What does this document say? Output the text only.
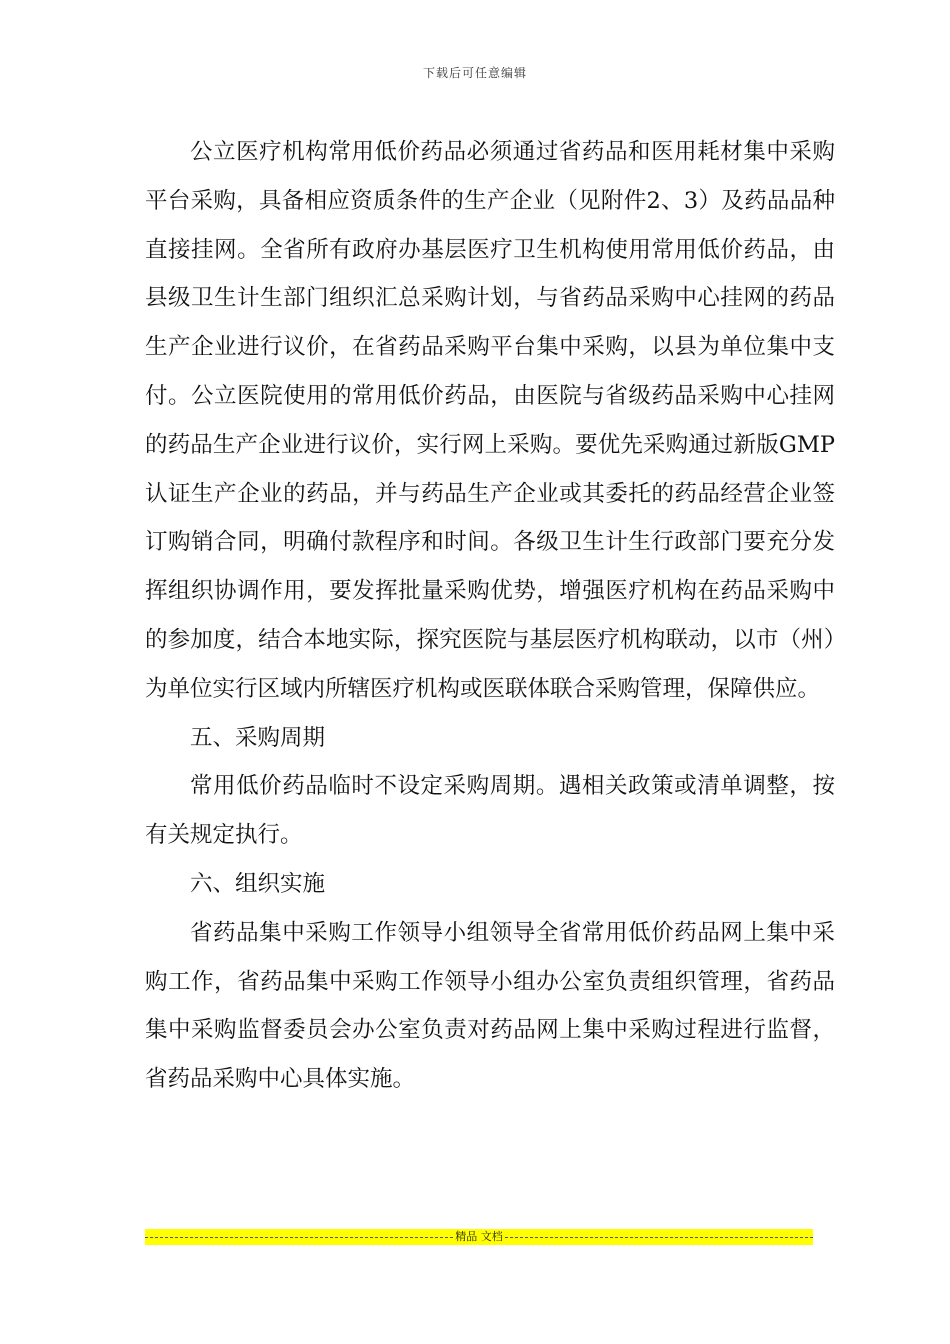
下载后可任意编辑

公立医疗机构常用低价药品必须通过省药品和医用耗材集中采购平台采购，具备相应资质条件的生产企业（见附件2、3）及药品品种直接挂网。全省所有政府办基层医疗卫生机构使用常用低价药品，由县级卫生计生部门组织汇总采购计划，与省药品采购中心挂网的药品生产企业进行议价，在省药品采购平台集中采购，以县为单位集中支付。公立医院使用的常用低价药品，由医院与省级药品采购中心挂网的药品生产企业进行议价，实行网上采购。要优先采购通过新版GMP认证生产企业的药品，并与药品生产企业或其委托的药品经营企业签订购销合同，明确付款程序和时间。各级卫生计生行政部门要充分发挥组织协调作用，要发挥批量采购优势，增强医疗机构在药品采购中的参加度，结合本地实际，探究医院与基层医疗机构联动，以市（州）为单位实行区域内所辖医疗机构或医联体联合采购管理，保障供应。

五、采购周期

常用低价药品临时不设定采购周期。遇相关政策或清单调整，按有关规定执行。

六、组织实施

省药品集中采购工作领导小组领导全省常用低价药品网上集中采购工作，省药品集中采购工作领导小组办公室负责组织管理，省药品集中采购监督委员会办公室负责对药品网上集中采购过程进行监督，省药品采购中心具体实施。

精品 文档
